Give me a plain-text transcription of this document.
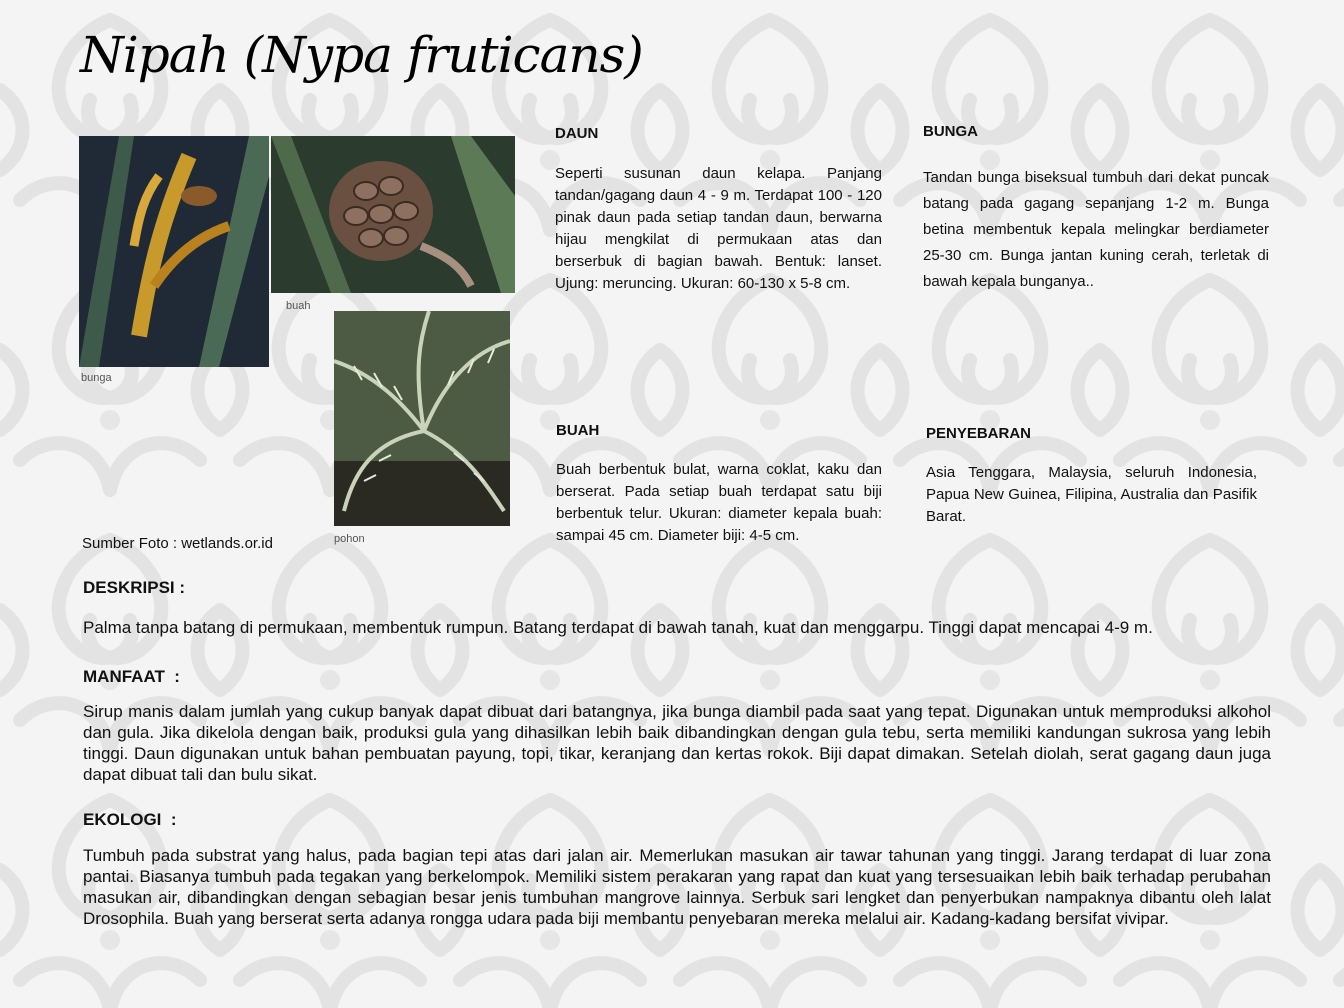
Nipah (Nypa fruticans)
bunga
buah
pohon
Sumber Foto : wetlands.or.id
DAUN
Seperti susunan daun kelapa. Panjang tandan/gagang daun 4 - 9 m. Terdapat 100 - 120 pinak daun pada setiap tandan daun, berwarna hijau mengkilat di permukaan atas dan berserbuk di bagian bawah. Bentuk: lanset. Ujung: meruncing. Ukuran: 60-130 x 5-8 cm.
BUNGA
Tandan bunga biseksual tumbuh dari dekat puncak batang pada gagang sepanjang 1-2 m. Bunga betina membentuk kepala melingkar berdiameter 25-30 cm. Bunga jantan kuning cerah, terletak di bawah kepala bunganya..
BUAH
Buah berbentuk bulat, warna coklat, kaku dan berserat. Pada setiap buah terdapat satu biji berbentuk telur. Ukuran: diameter kepala buah: sampai 45 cm. Diameter biji: 4-5 cm.
PENYEBARAN
Asia Tenggara, Malaysia, seluruh Indonesia, Papua New Guinea, Filipina, Australia dan Pasifik Barat.
DESKRIPSI :
Palma tanpa batang di permukaan, membentuk rumpun. Batang terdapat di bawah tanah, kuat dan menggarpu. Tinggi dapat mencapai 4-9 m.
MANFAAT  :
Sirup manis dalam jumlah yang cukup banyak dapat dibuat dari batangnya, jika bunga diambil pada saat yang tepat. Digunakan untuk memproduksi alkohol dan gula. Jika dikelola dengan baik, produksi gula yang dihasilkan lebih baik dibandingkan dengan gula tebu, serta memiliki kandungan sukrosa yang lebih tinggi. Daun digunakan untuk bahan pembuatan payung, topi, tikar, keranjang dan kertas rokok. Biji dapat dimakan. Setelah diolah, serat gagang daun juga dapat dibuat tali dan bulu sikat.
EKOLOGI  :
Tumbuh pada substrat yang halus, pada bagian tepi atas dari jalan air. Memerlukan masukan air tawar tahunan yang tinggi. Jarang terdapat di luar zona pantai. Biasanya tumbuh pada tegakan yang berkelompok. Memiliki sistem perakaran yang rapat dan kuat yang tersesuaikan lebih baik terhadap perubahan masukan air, dibandingkan dengan sebagian besar jenis tumbuhan mangrove lainnya. Serbuk sari lengket dan penyerbukan nampaknya dibantu oleh lalat Drosophila. Buah yang berserat serta adanya rongga udara pada biji membantu penyebaran mereka melalui air. Kadang-kadang bersifat vivipar.
